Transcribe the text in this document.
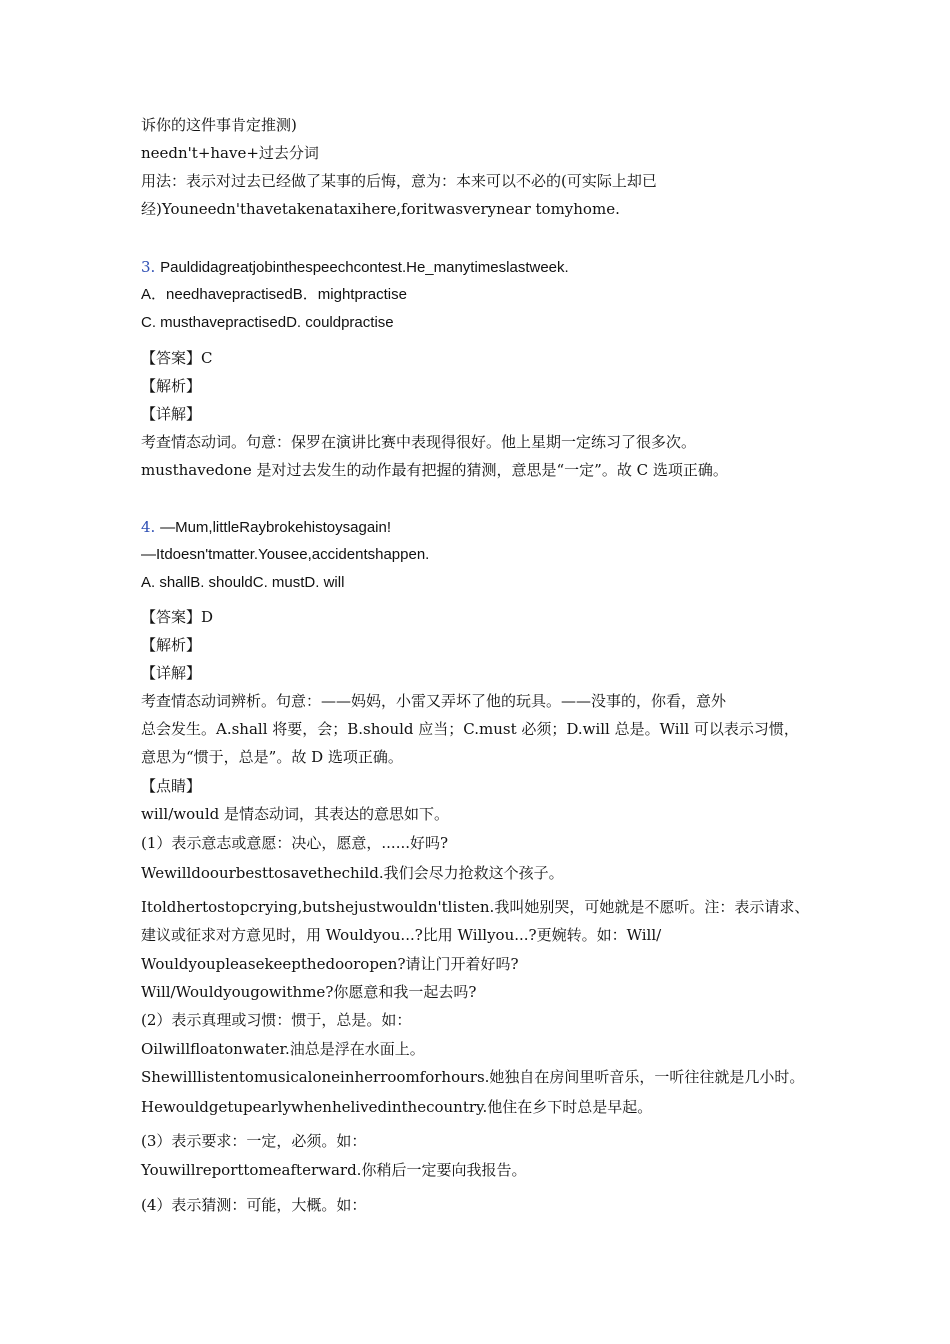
诉你的这件事肯定推测)
needn't+have+过去分词
用法：表示对过去已经做了某事的后悔，意为：本来可以不必的(可实际上却已
经)Youneedn'thavetakenataxihere,foritwasverynear tomyhome.
3. Pauldidagreatjobinthespeechcontest.He_manytimeslastweek.
A．needhavepractisedB．mightpractise
C. musthavepractisedD. couldpractise
【答案】C
【解析】
【详解】
考查情态动词。句意：保罗在演讲比赛中表现得很好。他上星期一定练习了很多次。
musthavedone 是对过去发生的动作最有把握的猜测，意思是“一定”。故 C 选项正确。
4. —Mum,littleRaybrokehistoysagain!
—Itdoesn'tmatter.Yousee,accidentshappen.
A. shallB. shouldC. mustD. will
【答案】D
【解析】
【详解】
考查情态动词辨析。句意：——妈妈，小雷又弄坏了他的玩具。——没事的，你看，意外
总会发生。A.shall 将要，会；B.should 应当；C.must 必须；D.will 总是。Will 可以表示习惯，
意思为“惯于，总是”。故 D 选项正确。
【点睛】
will/would 是情态动词，其表达的意思如下。
(1）表示意志或意愿：决心，愿意，......好吗?
Wewilldoourbesttosavethechild.我们会尽力抢救这个孩子。
Itoldhertostopcrying,butshejustwouldn'tlisten.我叫她别哭，可她就是不愿听。注：表示请求、
建议或征求对方意见时，用 Wouldyou...?比用 Willyou...?更婉转。如：Will/
Wouldyoupleasekeepthedooropen?请让门开着好吗?
Will/Wouldyougowithme?你愿意和我一起去吗?
(2）表示真理或习惯：惯于，总是。如：
Oilwillfloatonwater.油总是浮在水面上。
Shewilllistentomusicaloneinherroomforhours.她独自在房间里听音乐，一听往往就是几小时。
Hewouldgetupearlywhenhelivedinthecountry.他住在乡下时总是早起。
(3）表示要求：一定，必须。如：
Youwillreporttomeafterward.你稍后一定要向我报告。
(4）表示猜测：可能，大概。如：
